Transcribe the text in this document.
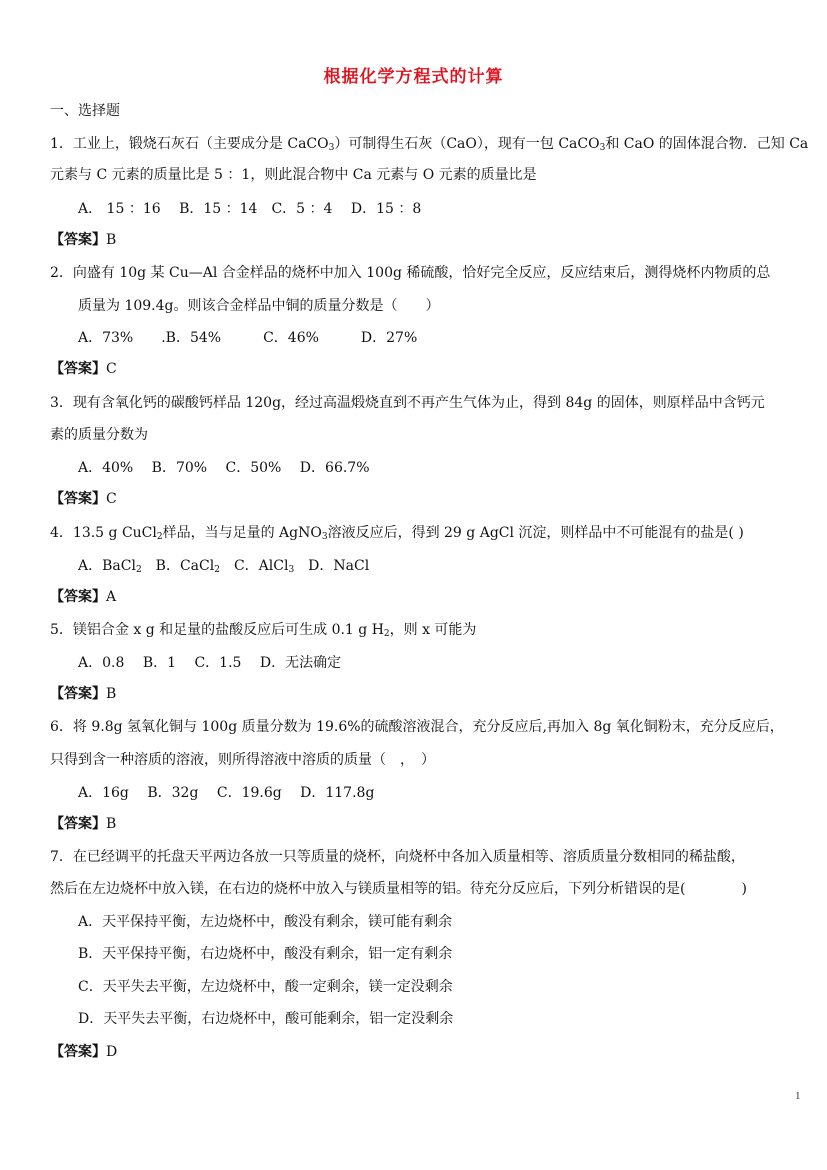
根据化学方程式的计算
一、选择题
1．工业上，锻烧石灰石（主要成分是 CaCO$_3$）可制得生石灰（CaO），现有一包 CaCO$_3$和 CaO 的固体混合物．己知 Ca
元素与 C 元素的质量比是 5 ：1，则此混合物中 Ca 元素与 O 元素的质量比是
A． 15 ：16　 B．15 ：14　C．5 ：4　 D．15 ：8
【答案】B
2．向盛有 10g 某 Cu—Al 合金样品的烧杯中加入 100g 稀硫酸，恰好完全反应，反应结束后，测得烧杯内物质的总
质量为 109.4g。则该合金样品中铜的质量分数是（　　）
A．73%　　.B．54%　　　C．46%　　　D．27%
【答案】C
3．现有含氧化钙的碳酸钙样品 120g，经过高温煅烧直到不再产生气体为止，得到 84g 的固体，则原样品中含钙元
素的质量分数为
A．40%　 B．70%　 C．50%　 D．66.7%
【答案】C
4．13.5 g CuCl$_2$样品，当与足量的 AgNO$_3$溶液反应后，得到 29 g AgCl 沉淀，则样品中不可能混有的盐是( )
A．BaCl$_2$　B．CaCl$_2$　C．AlCl$_3$　D．NaCl
【答案】A
5．镁铝合金 x g 和足量的盐酸反应后可生成 0.1 g $H_2$，则 x 可能为
A．0.8　 B．1　 C．1.5　 D．无法确定
【答案】B
6．将 9.8g 氢氧化铜与 100g 质量分数为 19.6%的硫酸溶液混合，充分反应后,再加入 8g 氧化铜粉末，充分反应后，
只得到含一种溶质的溶液，则所得溶液中溶质的质量（　，　）
A．16g　 B．32g　 C．19.6g　 D．117.8g
【答案】B
7．在已经调平的托盘天平两边各放一只等质量的烧杯，向烧杯中各加入质量相等、溶质质量分数相同的稀盐酸，
然后在左边烧杯中放入镁，在右边的烧杯中放入与镁质量相等的铝。待充分反应后，下列分析错误的是(　　　　)
A．天平保持平衡，左边烧杯中，酸没有剩余，镁可能有剩余
B．天平保持平衡，右边烧杯中，酸没有剩余，铝一定有剩余
C．天平失去平衡，左边烧杯中，酸一定剩余，镁一定没剩余
D．天平失去平衡，右边烧杯中，酸可能剩余，铝一定没剩余
【答案】D
1
